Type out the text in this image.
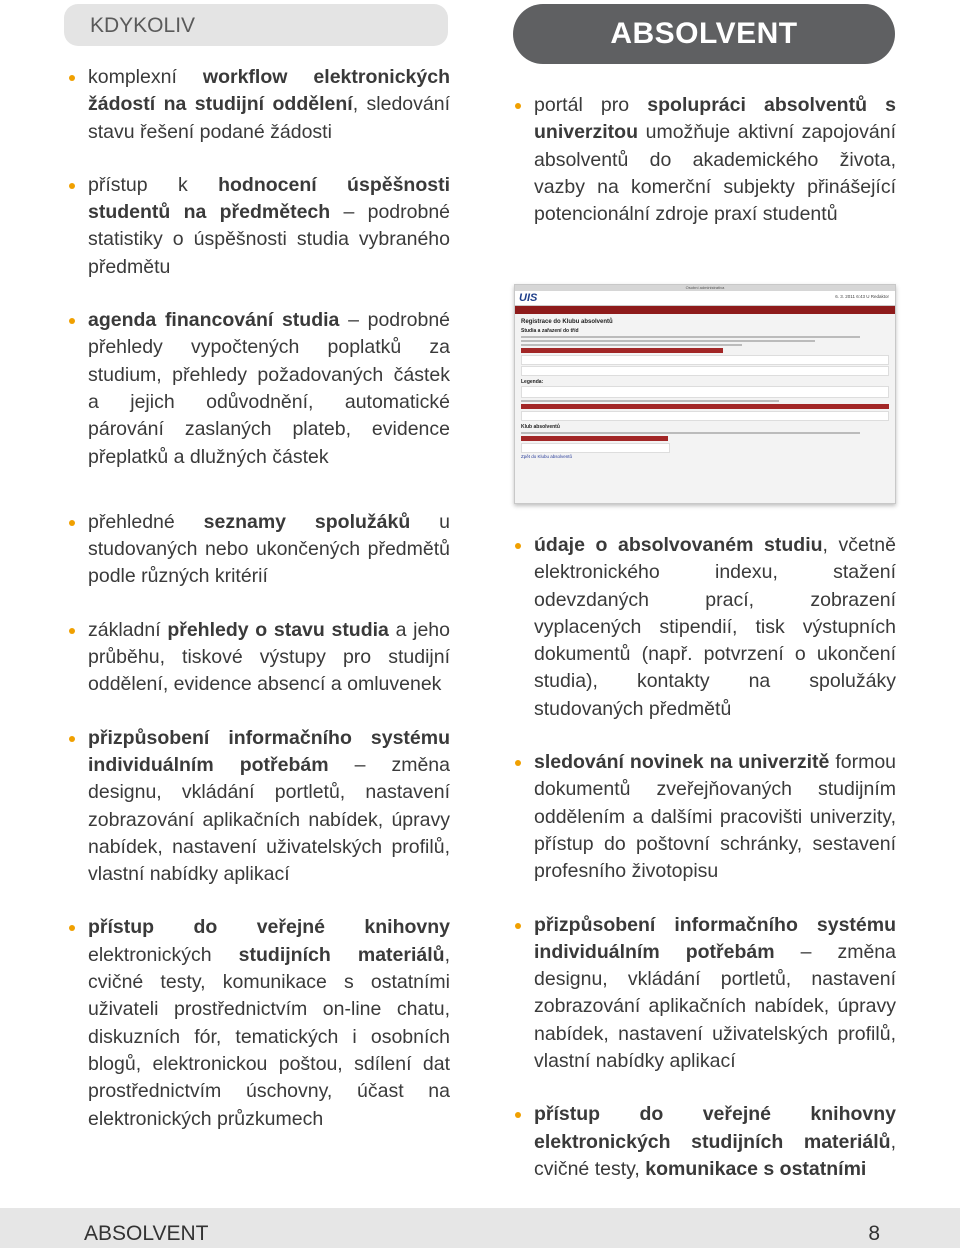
KDYKOLIV	ABSOLVENT

komplexní workflow elektronických žádostí na studijní oddělení, sledování stavu řešení podané žádosti

přístup k hodnocení úspěšnosti studentů na předmětech – podrobné statistiky o úspěšnosti studia vybraného předmětu

agenda financování studia – podrobné přehledy vypočtených poplatků za studium, přehledy požadovaných částek a jejich odůvodnění, automatické párování zaslaných plateb, evidence přeplatků a dlužných částek

přehledné seznamy spolužáků u studovaných nebo ukončených předmětů podle různých kritérií

základní přehledy o stavu studia a jeho průběhu, tiskové výstupy pro studijní oddělení, evidence absencí a omluvenek

přizpůsobení informačního systému individuálním potřebám – změna designu, vkládání portletů, nastavení zobrazování aplikačních nabídek, úpravy nabídek, nastavení uživatelských profilů, vlastní nabídky aplikací

přístup do veřejné knihovny elektronických studijních materiálů, cvičné testy, komunikace s ostatními uživateli prostřednictvím on-line chatu, diskuzních fór, tematických i osobních blogů, elektronickou poštou, sdílení dat prostřednictvím úschovny, účast na elektronických průzkumech

portál pro spolupráci absolventů s univerzitou umožňuje aktivní zapojování absolventů do akademického života, vazby na komerční subjekty přinášející potencionální zdroje praxí studentů

Osobní administrativa
UIS	6. 3. 2011 6:43 U Redaktor
Registrace do Klubu absolventů
Studia a zařazení do tříd
Legenda:
Klub absolventů
Zpět do Klubu absolventů

údaje o absolvovaném studiu, včetně elektronického indexu, stažení odevzdaných prací, zobrazení vyplacených stipendií, tisk výstupních dokumentů (např. potvrzení o ukončení studia), kontakty na spolužáky studovaných předmětů

sledování novinek na univerzitě formou dokumentů zveřejňovaných studijním oddělením a dalšími pracovišti univerzity, přístup do poštovní schránky, sestavení profesního životopisu

přizpůsobení informačního systému individuálním potřebám – změna designu, vkládání portletů, nastavení zobrazování aplikačních nabídek, úpravy nabídek, nastavení uživatelských profilů, vlastní nabídky aplikací

přístup do veřejné knihovny elektronických studijních materiálů, cvičné testy, komunikace s ostatními

ABSOLVENT	8
